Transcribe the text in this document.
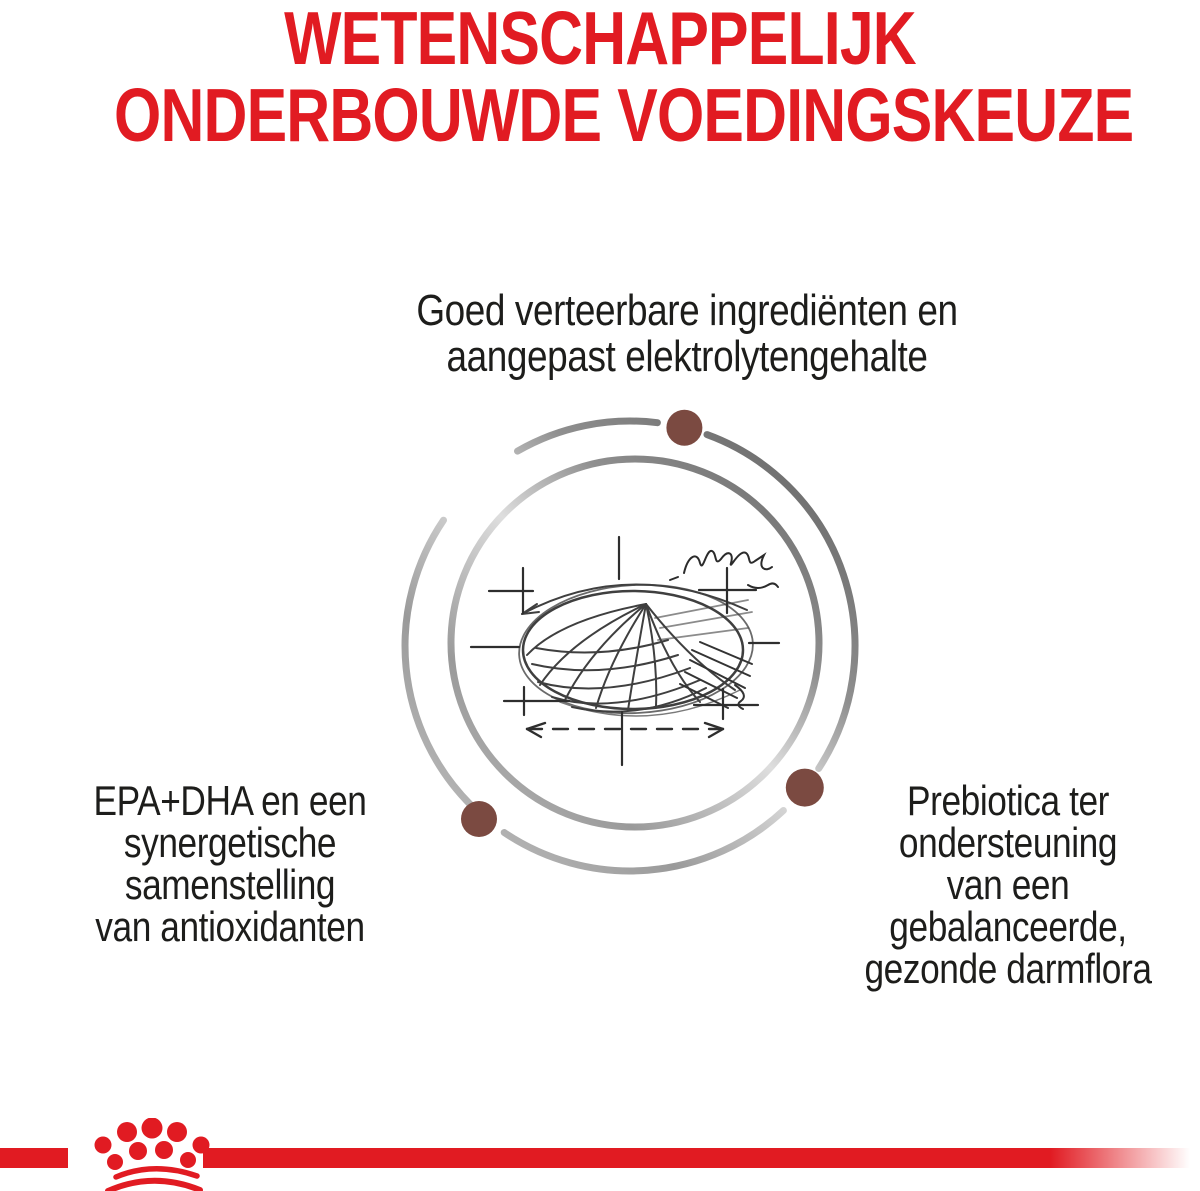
WETENSCHAPPELIJK
ONDERBOUWDE VOEDINGSKEUZE
Goed verteerbare ingrediënten en
aangepast elektrolytengehalte
EPA+DHA en een
synergetische
samenstelling
van antioxidanten
Prebiotica ter
ondersteuning
van een
gebalanceerde,
gezonde darmflora
